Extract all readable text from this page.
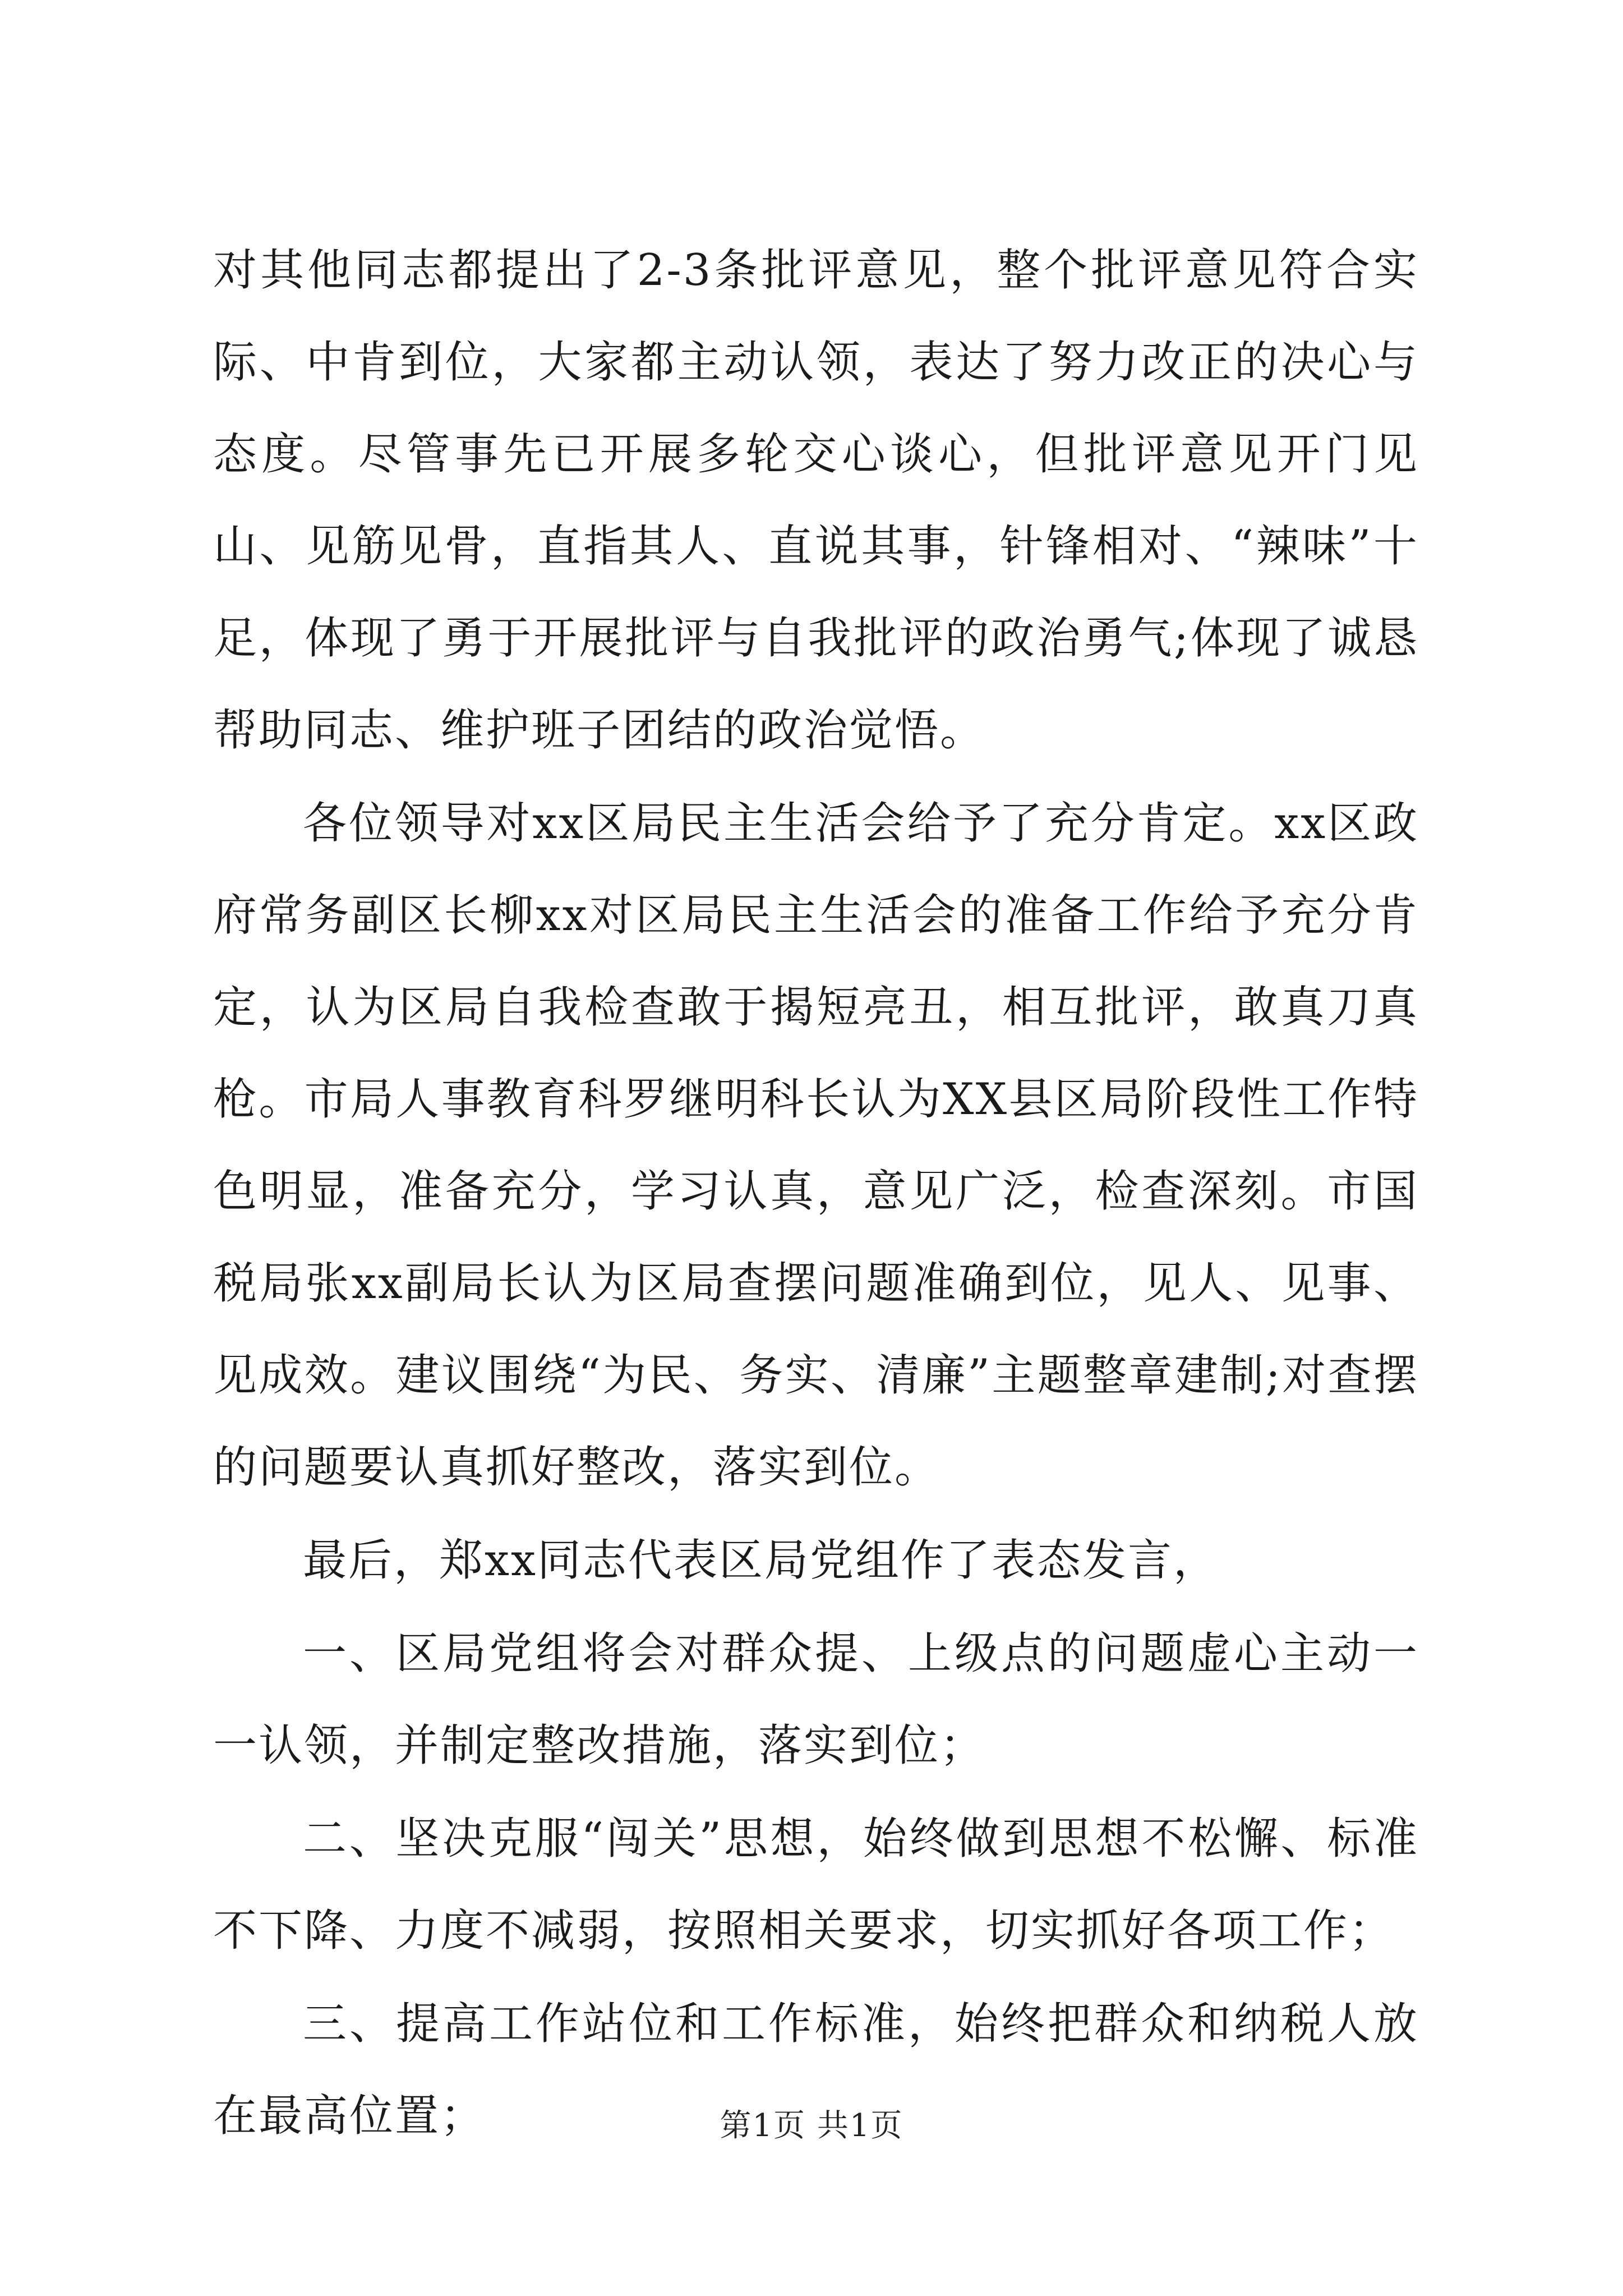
对其他同志都提出了2-3条批评意见，整个批评意见符合实际、中肯到位，大家都主动认领，表达了努力改正的决心与态度。尽管事先已开展多轮交心谈心，但批评意见开门见山、见筋见骨，直指其人、直说其事，针锋相对、“辣味”十足，体现了勇于开展批评与自我批评的政治勇气;体现了诚恳帮助同志、维护班子团结的政治觉悟。

各位领导对xx区局民主生活会给予了充分肯定。xx区政府常务副区长柳xx对区局民主生活会的准备工作给予充分肯定，认为区局自我检查敢于揭短亮丑，相互批评，敢真刀真枪。市局人事教育科罗继明科长认为XX县区局阶段性工作特色明显，准备充分，学习认真，意见广泛，检查深刻。市国税局张xx副局长认为区局查摆问题准确到位，见人、见事、见成效。建议围绕“为民、务实、清廉”主题整章建制;对查摆的问题要认真抓好整改，落实到位。

最后，郑xx同志代表区局党组作了表态发言，

一、区局党组将会对群众提、上级点的问题虚心主动一一认领，并制定整改措施，落实到位；

二、坚决克服“闯关”思想，始终做到思想不松懈、标准不下降、力度不减弱，按照相关要求，切实抓好各项工作；

三、提高工作站位和工作标准，始终把群众和纳税人放在最高位置；	第1页 共1页
